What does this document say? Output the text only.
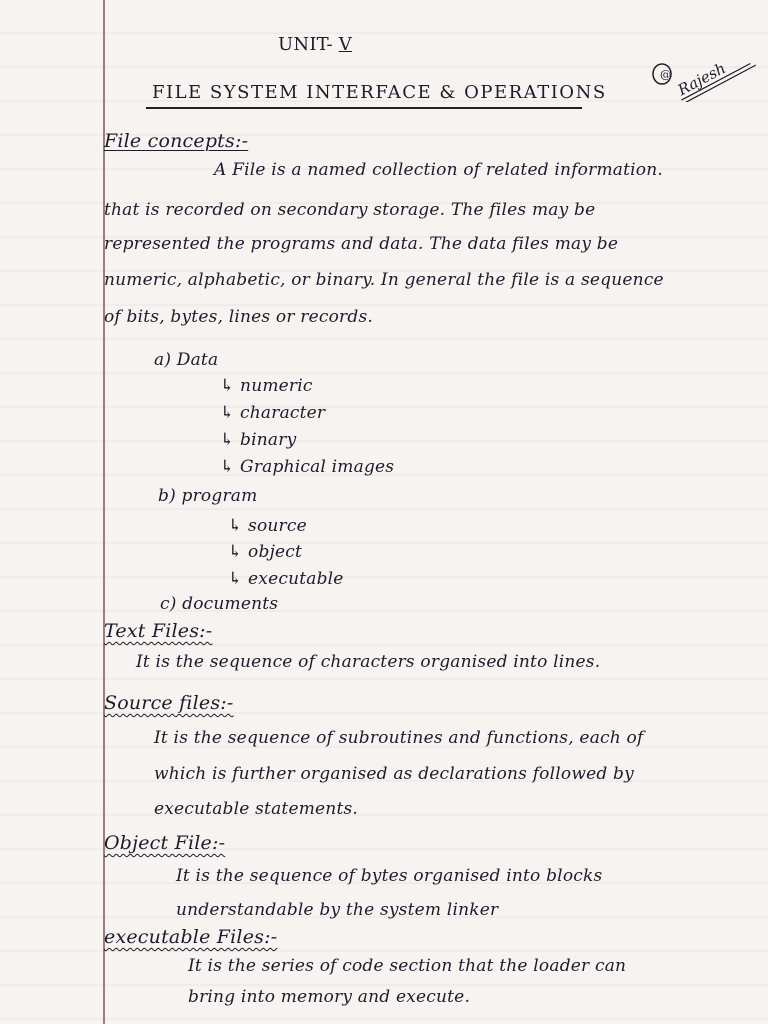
UNIT- V
FILE SYSTEM INTERFACE & OPERATIONS
@ Rajesh
File concepts:-
A File is a named collection of related information.
that is recorded on secondary storage. The files may be
represented the programs and data. The data files may be
numeric, alphabetic, or binary. In general the file is a sequence
of bits, bytes, lines or records.
a) Data
↳ numeric
↳ character
↳ binary
↳ Graphical images
b) program
↳ source
↳ object
↳ executable
c) documents
Text Files:-
It is the sequence of characters organised into lines.
Source files:-
It is the sequence of subroutines and functions, each of
which is further organised as declarations followed by
executable statements.
Object File:-
It is the sequence of bytes organised into blocks
understandable by the system linker
executable Files:-
It is the series of code section that the loader can
bring into memory and execute.
